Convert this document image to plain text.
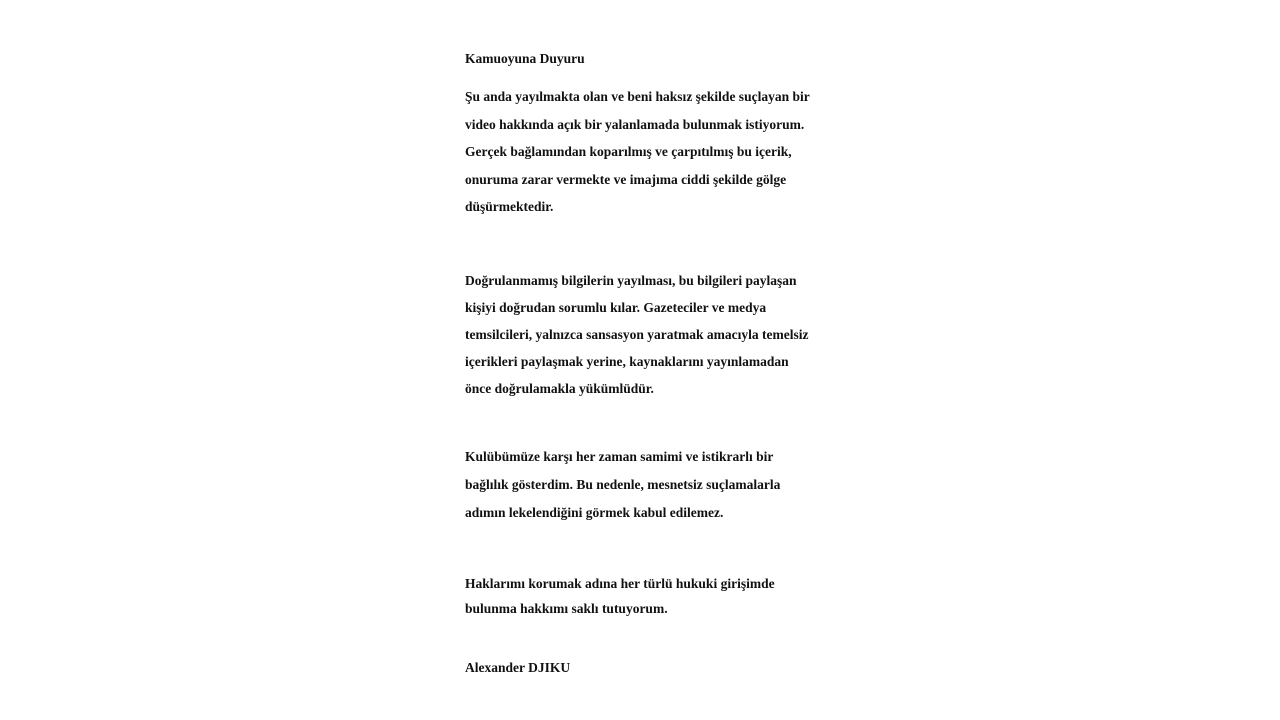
Kamuoyuna Duyuru

Şu anda yayılmakta olan ve beni haksız şekilde suçlayan bir
video hakkında açık bir yalanlamada bulunmak istiyorum.
Gerçek bağlamından koparılmış ve çarpıtılmış bu içerik,
onuruma zarar vermekte ve imajıma ciddi şekilde gölge
düşürmektedir.

Doğrulanmamış bilgilerin yayılması, bu bilgileri paylaşan
kişiyi doğrudan sorumlu kılar. Gazeteciler ve medya
temsilcileri, yalnızca sansasyon yaratmak amacıyla temelsiz
içerikleri paylaşmak yerine, kaynaklarını yayınlamadan
önce doğrulamakla yükümlüdür.

Kulübümüze karşı her zaman samimi ve istikrarlı bir
bağlılık gösterdim. Bu nedenle, mesnetsiz suçlamalarla
adımın lekelendiğini görmek kabul edilemez.

Haklarımı korumak adına her türlü hukuki girişimde
bulunma hakkımı saklı tutuyorum.

Alexander DJIKU
